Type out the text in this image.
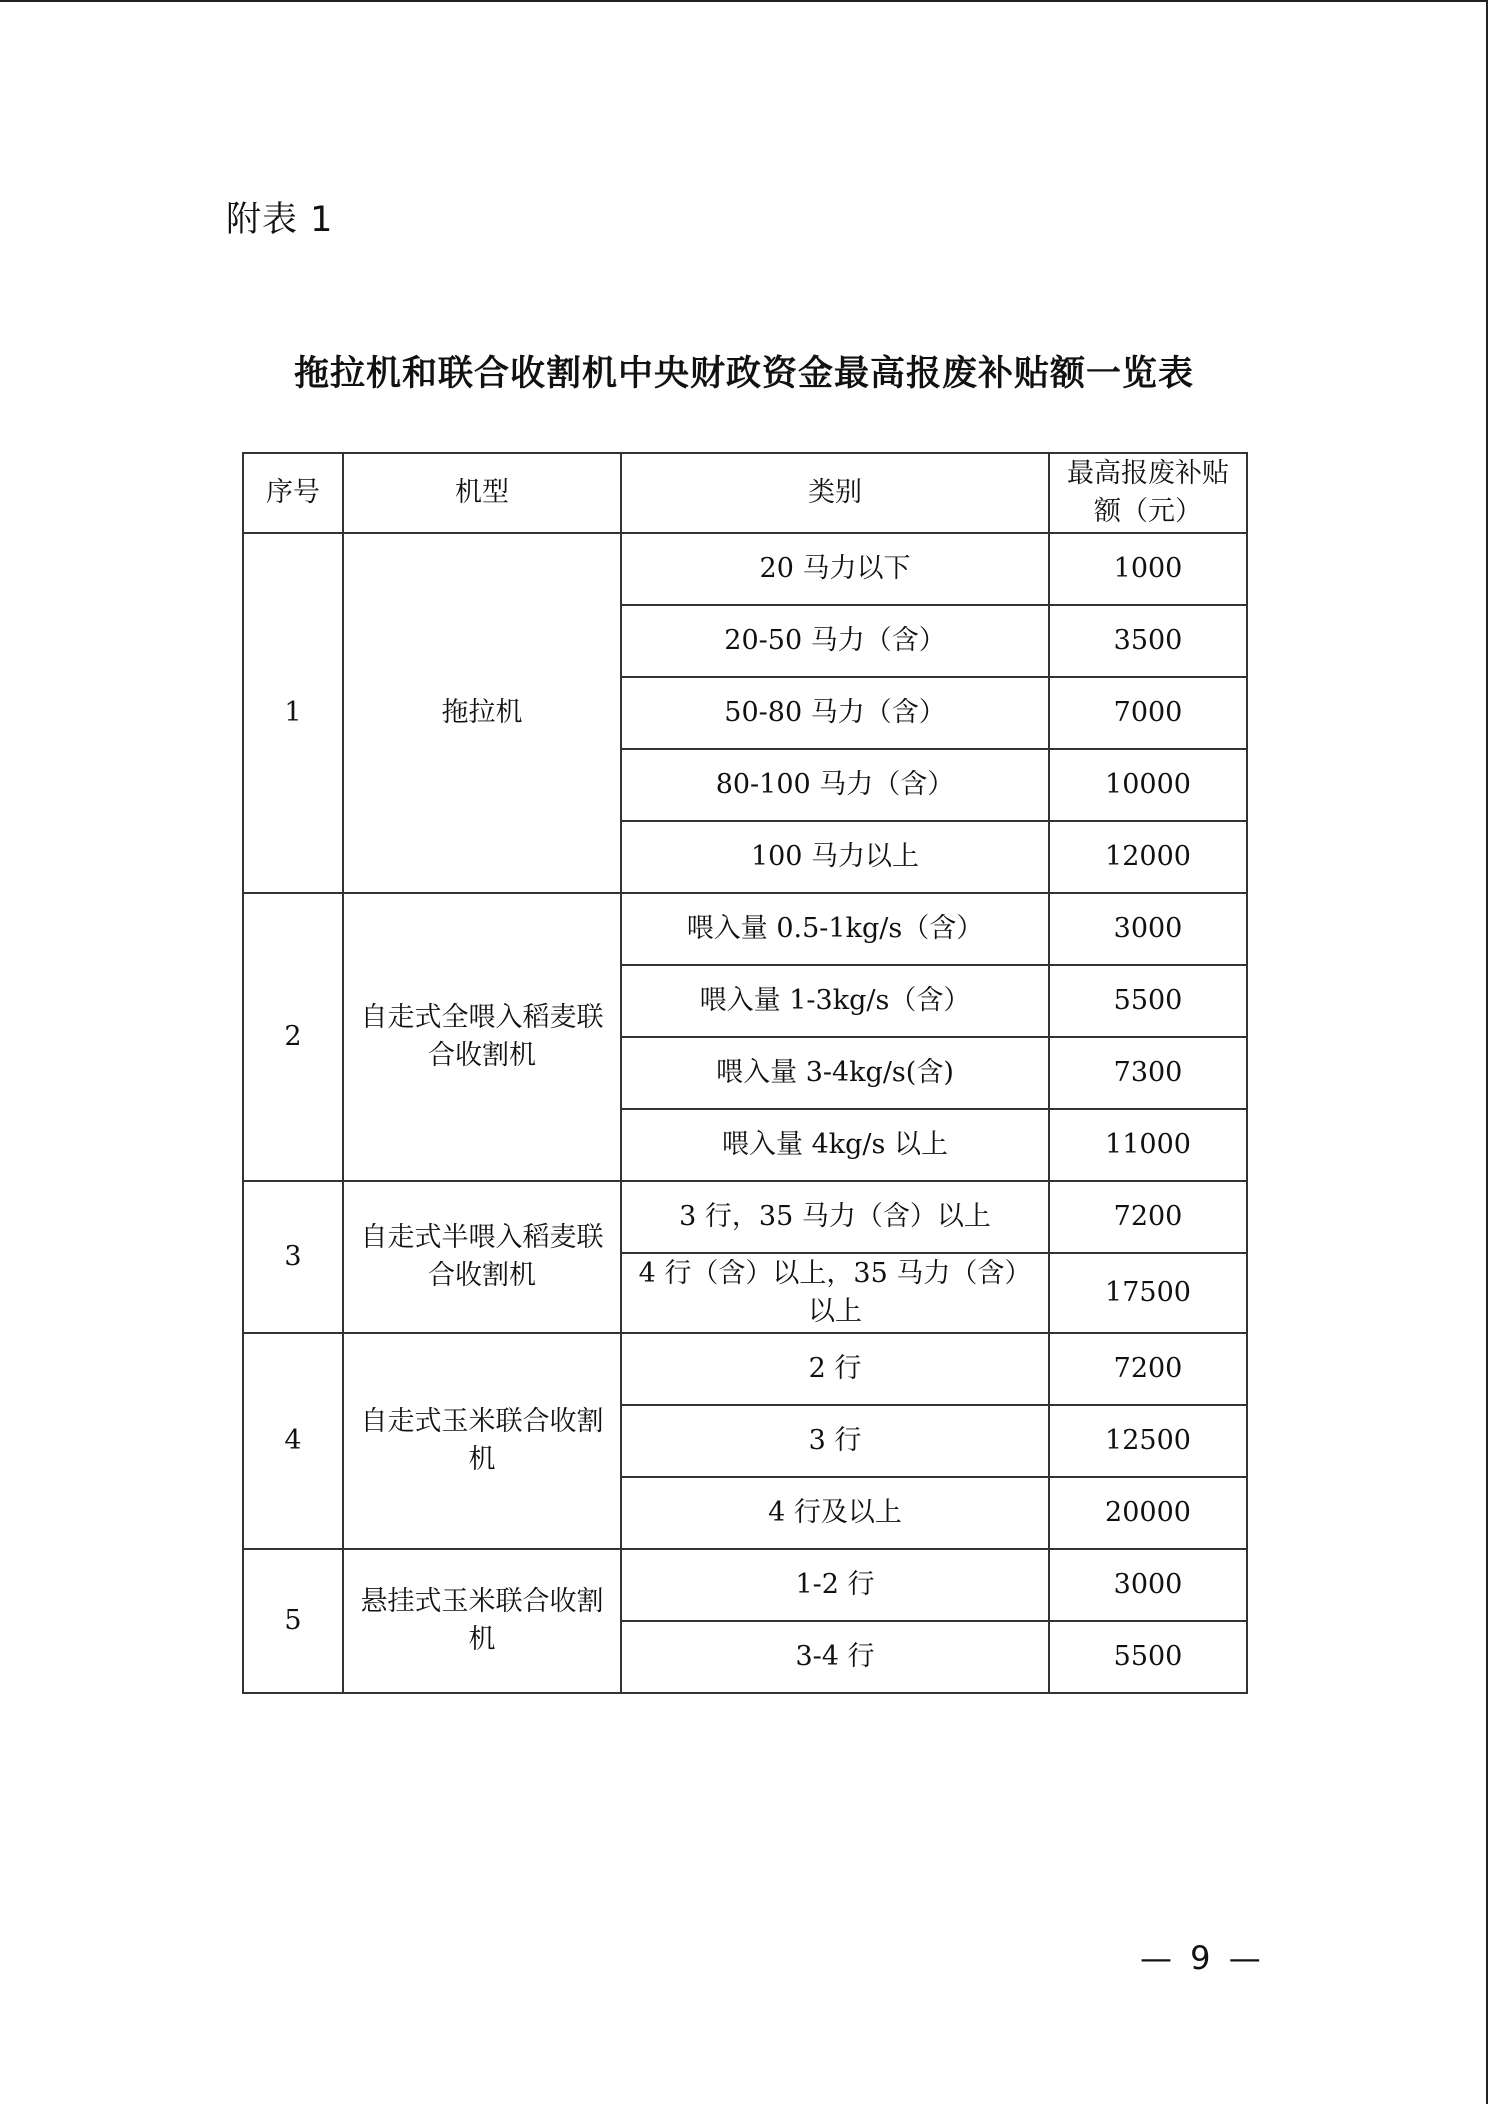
附表 1
拖拉机和联合收割机中央财政资金最高报废补贴额一览表
序号	机型	类别	最高报废补贴额（元）
1	拖拉机	20 马力以下	1000
		20-50 马力（含）	3500
		50-80 马力（含）	7000
		80-100 马力（含）	10000
		100 马力以上	12000
2	自走式全喂入稻麦联合收割机	喂入量 0.5-1kg/s（含）	3000
		喂入量 1-3kg/s（含）	5500
		喂入量 3-4kg/s(含)	7300
		喂入量 4kg/s 以上	11000
3	自走式半喂入稻麦联合收割机	3 行，35 马力（含）以上	7200
		4 行（含）以上，35 马力（含）以上	17500
4	自走式玉米联合收割机	2 行	7200
		3 行	12500
		4 行及以上	20000
5	悬挂式玉米联合收割机	1-2 行	3000
		3-4 行	5500
— 9 —
